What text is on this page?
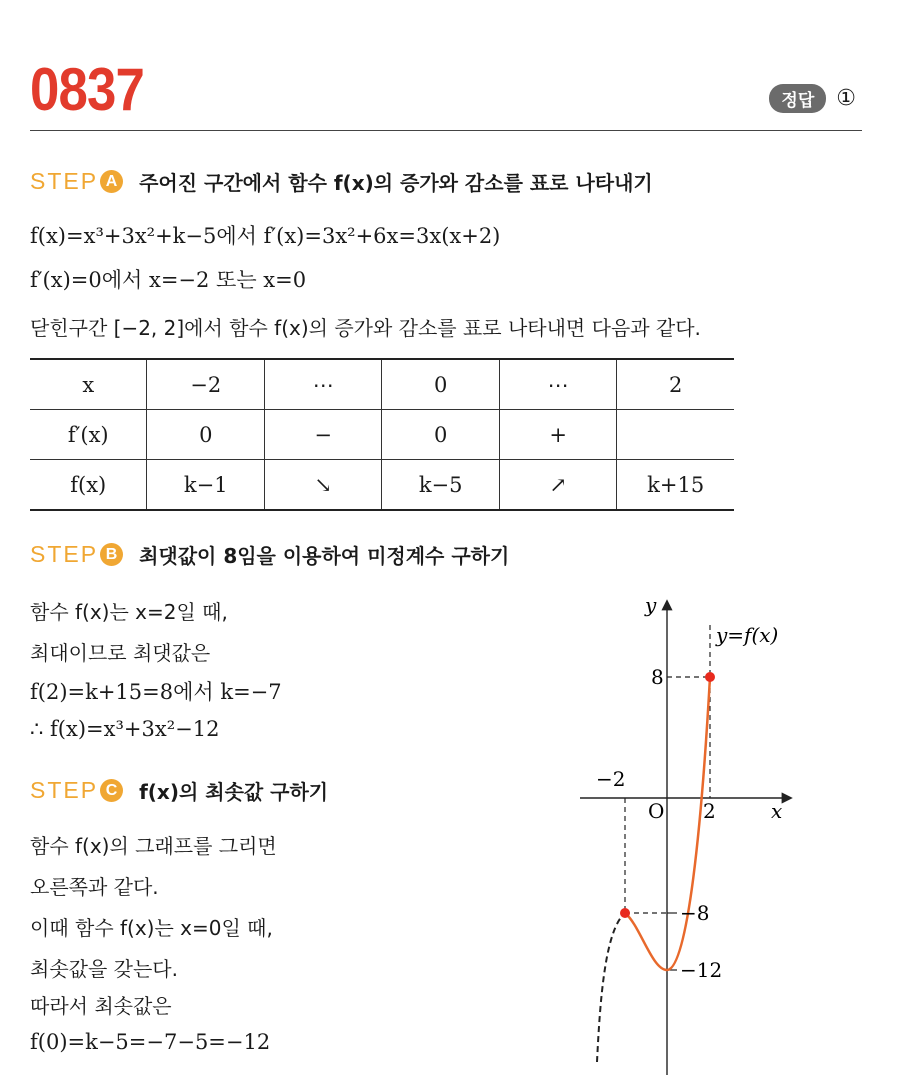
0837	정답	①
STEP A 주어진 구간에서 함수 f(x)의 증가와 감소를 표로 나타내기
f(x)=x³+3x²+k−5에서 f′(x)=3x²+6x=3x(x+2)
f′(x)=0에서 x=−2 또는 x=0
닫힌구간 [−2, 2]에서 함수 f(x)의 증가와 감소를 표로 나타내면 다음과 같다.
x	−2	⋯	0	⋯	2
f′(x)	0	−	0	+	
f(x)	k−1	↘	k−5	↗	k+15
STEP B 최댓값이 8임을 이용하여 미정계수 구하기
함수 f(x)는 x=2일 때,
최대이므로 최댓값은
f(2)=k+15=8에서 k=−7
∴ f(x)=x³+3x²−12
STEP C f(x)의 최솟값 구하기
함수 f(x)의 그래프를 그리면
오른쪽과 같다.
이때 함수 f(x)는 x=0일 때,
최솟값을 갖는다.
따라서 최솟값은
f(0)=k−5=−7−5=−12
y
x
O
y=f(x)
2
−2
8
−8
−12
